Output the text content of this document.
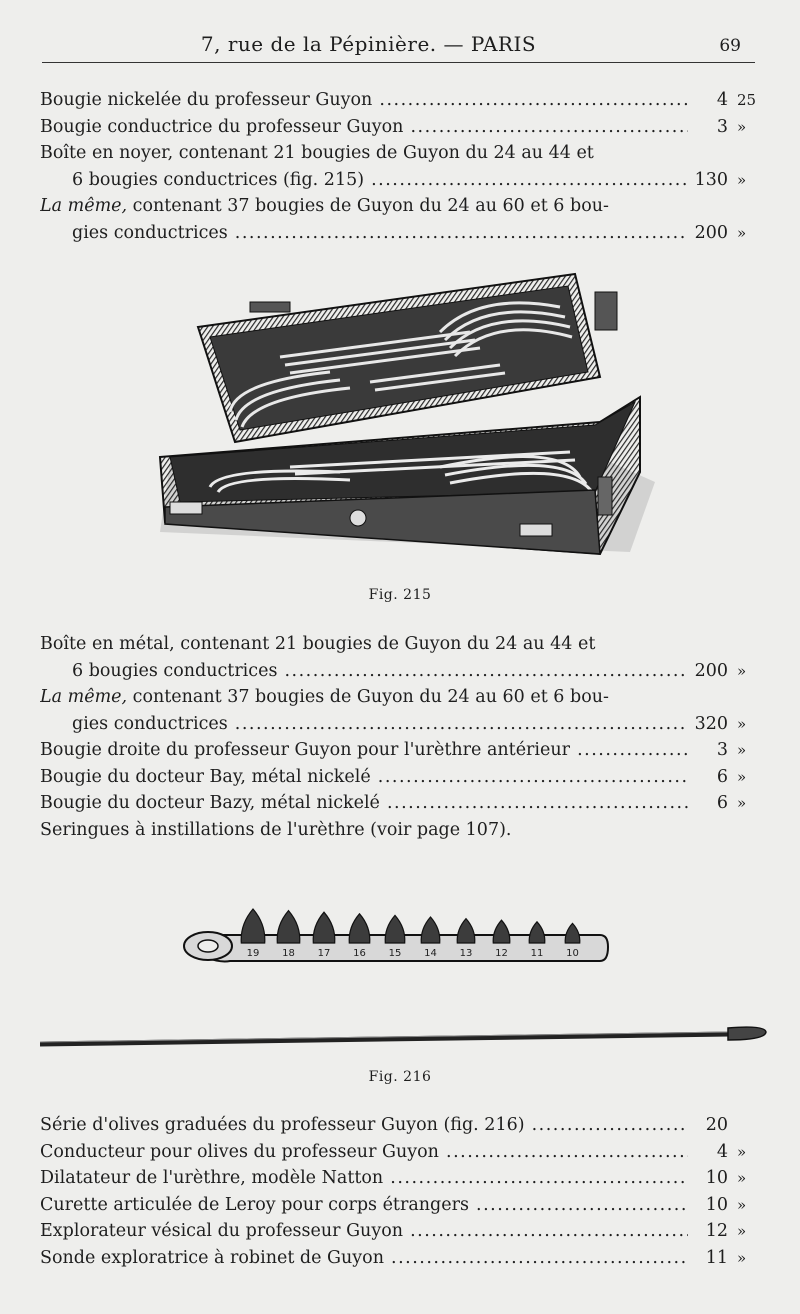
7, rue de la Pépinière. — PARIS	69
Bougie nickelée du professeur Guyon .....	4 25
Bougie conductrice du professeur Guyon .....	3 »
Boîte en noyer, contenant 21 bougies de Guyon du 24 au 44 et
6 bougies conductrices (fig. 215) .....	130 »
La même, contenant 37 bougies de Guyon du 24 au 60 et 6 bou-
gies conductrices .....	200 »
Fig. 215
Boîte en métal, contenant 21 bougies de Guyon du 24 au 44 et
6 bougies conductrices .....	200 »
La même, contenant 37 bougies de Guyon du 24 au 60 et 6 bou-
gies conductrices .....	320 »
Bougie droite du professeur Guyon pour l'urèthre antérieur .....	3 »
Bougie du docteur Bay, métal nickelé .....	6 »
Bougie du docteur Bazy, métal nickelé .....	6 »
Seringues à instillations de l'urèthre (voir page 107).
19 18 17 16 15 14 13 12 11 10
Fig. 216
Série d'olives graduées du professeur Guyon (fig. 216) .....	20
Conducteur pour olives du professeur Guyon .....	4 »
Dilatateur de l'urèthre, modèle Natton .....	10 »
Curette articulée de Leroy pour corps étrangers .....	10 »
Explorateur vésical du professeur Guyon .....	12 »
Sonde exploratrice à robinet de Guyon .....	11 »
